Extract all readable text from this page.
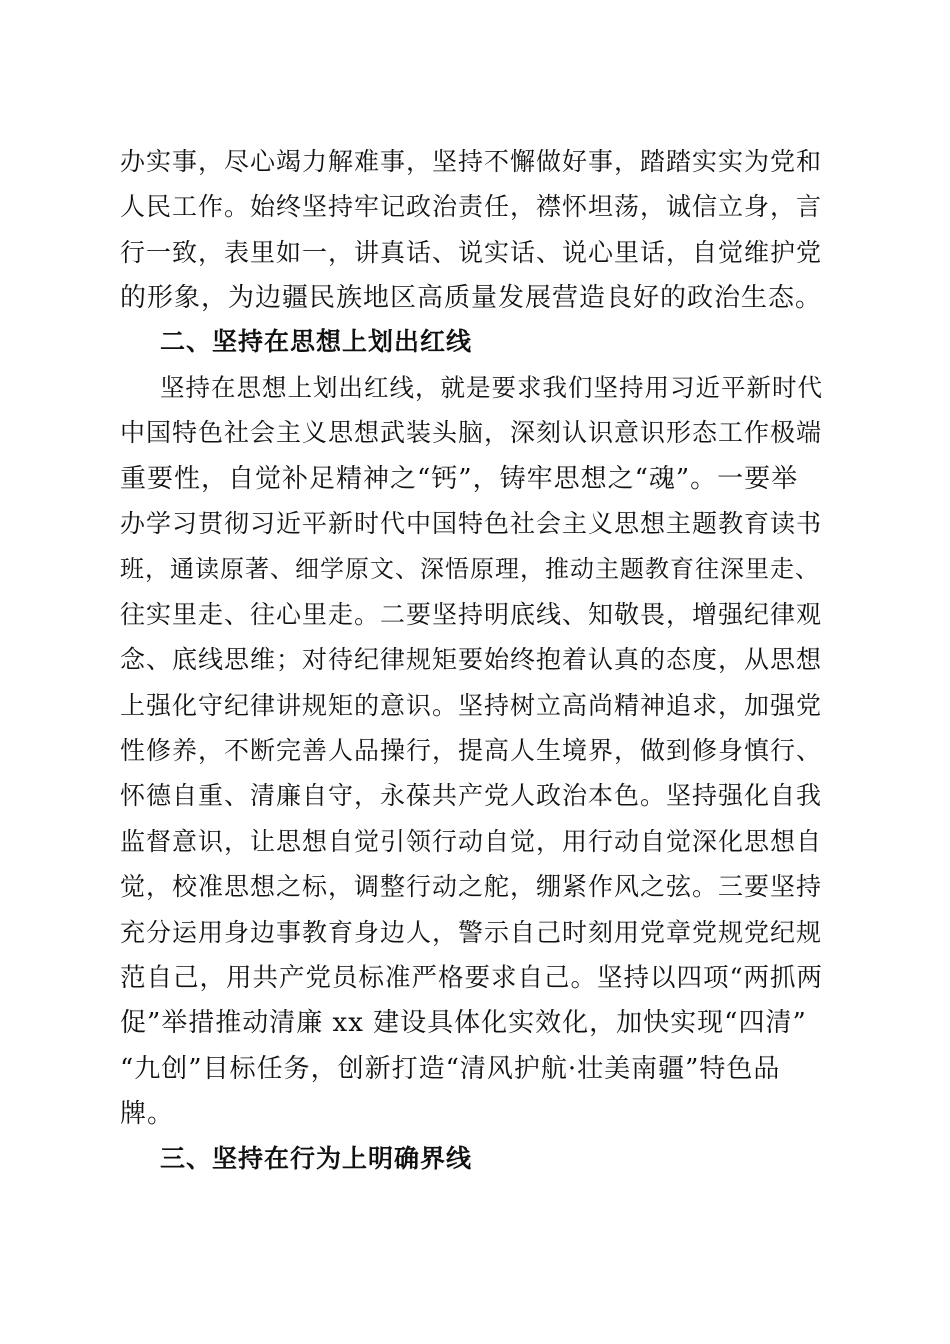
办实事，尽心竭力解难事，坚持不懈做好事，踏踏实实为党和
人民工作。始终坚持牢记政治责任，襟怀坦荡，诚信立身，言
行一致，表里如一，讲真话、说实话、说心里话，自觉维护党
的形象，为边疆民族地区高质量发展营造良好的政治生态。
二、坚持在思想上划出红线
坚持在思想上划出红线，就是要求我们坚持用习近平新时代
中国特色社会主义思想武装头脑，深刻认识意识形态工作极端
重要性，自觉补足精神之“钙”，铸牢思想之“魂”。一要举
办学习贯彻习近平新时代中国特色社会主义思想主题教育读书
班，通读原著、细学原文、深悟原理，推动主题教育往深里走、
往实里走、往心里走。二要坚持明底线、知敬畏，增强纪律观
念、底线思维；对待纪律规矩要始终抱着认真的态度，从思想
上强化守纪律讲规矩的意识。坚持树立高尚精神追求，加强党
性修养，不断完善人品操行，提高人生境界，做到修身慎行、
怀德自重、清廉自守，永葆共产党人政治本色。坚持强化自我
监督意识，让思想自觉引领行动自觉，用行动自觉深化思想自
觉，校准思想之标，调整行动之舵，绷紧作风之弦。三要坚持
充分运用身边事教育身边人，警示自己时刻用党章党规党纪规
范自己，用共产党员标准严格要求自己。坚持以四项“两抓两
促”举措推动清廉 xx 建设具体化实效化，加快实现“四清”
“九创”目标任务，创新打造“清风护航·壮美南疆”特色品
牌。
三、坚持在行为上明确界线
